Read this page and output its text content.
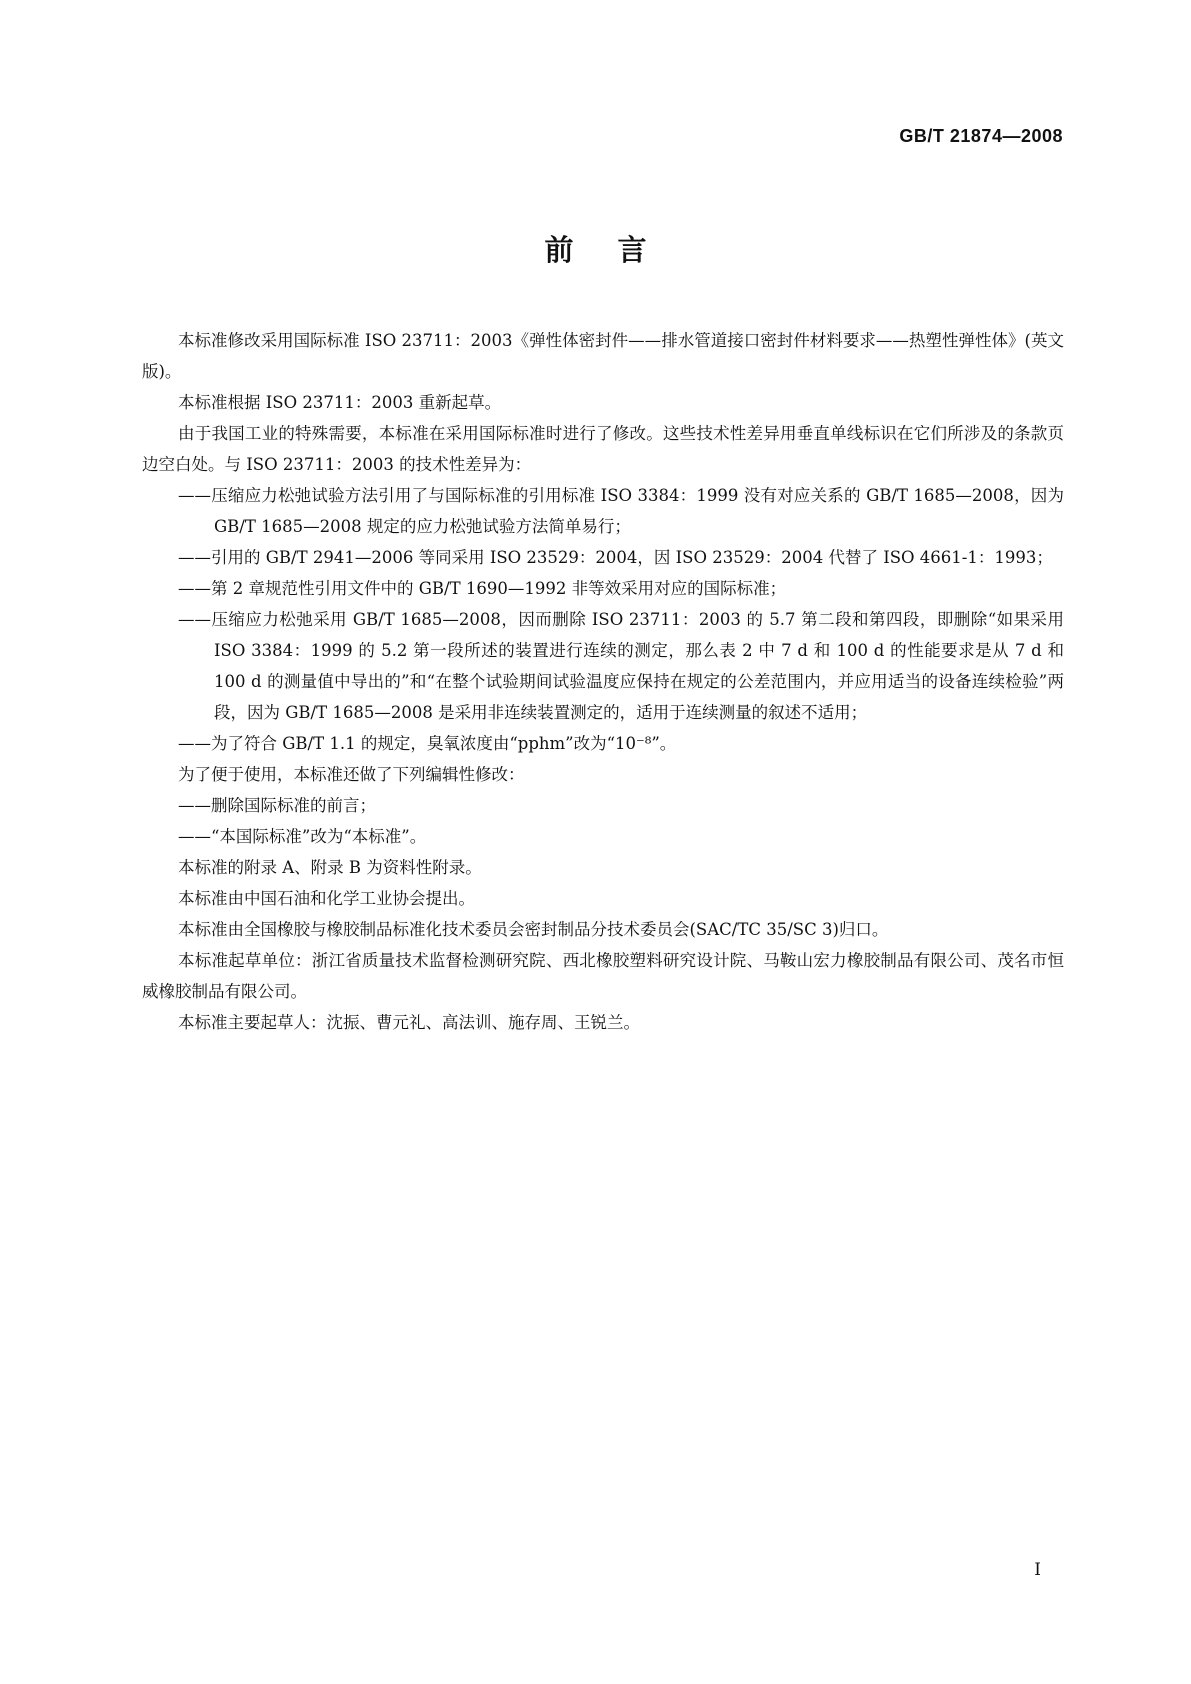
GB/T 21874—2008
前言

本标准修改采用国际标准 ISO 23711：2003《弹性体密封件——排水管道接口密封件材料要求——热塑性弹性体》(英文版)。

本标准根据 ISO 23711：2003 重新起草。

由于我国工业的特殊需要，本标准在采用国际标准时进行了修改。这些技术性差异用垂直单线标识在它们所涉及的条款页边空白处。与 ISO 23711：2003 的技术性差异为：

——压缩应力松弛试验方法引用了与国际标准的引用标准 ISO 3384：1999 没有对应关系的 GB/T 1685—2008，因为 GB/T 1685—2008 规定的应力松弛试验方法简单易行；

——引用的 GB/T 2941—2006 等同采用 ISO 23529：2004，因 ISO 23529：2004 代替了 ISO 4661-1：1993；

——第 2 章规范性引用文件中的 GB/T 1690—1992 非等效采用对应的国际标准；

——压缩应力松弛采用 GB/T 1685—2008，因而删除 ISO 23711：2003 的 5.7 第二段和第四段，即删除“如果采用 ISO 3384：1999 的 5.2 第一段所述的装置进行连续的测定，那么表 2 中 7 d 和 100 d 的性能要求是从 7 d 和 100 d 的测量值中导出的”和“在整个试验期间试验温度应保持在规定的公差范围内，并应用适当的设备连续检验”两段，因为 GB/T 1685—2008 是采用非连续装置测定的，适用于连续测量的叙述不适用；

——为了符合 GB/T 1.1 的规定，臭氧浓度由“pphm”改为“10⁻⁸”。

为了便于使用，本标准还做了下列编辑性修改：

——删除国际标准的前言；

——“本国际标准”改为“本标准”。

本标准的附录 A、附录 B 为资料性附录。

本标准由中国石油和化学工业协会提出。

本标准由全国橡胶与橡胶制品标准化技术委员会密封制品分技术委员会(SAC/TC 35/SC 3)归口。

本标准起草单位：浙江省质量技术监督检测研究院、西北橡胶塑料研究设计院、马鞍山宏力橡胶制品有限公司、茂名市恒威橡胶制品有限公司。

本标准主要起草人：沈振、曹元礼、高法训、施存周、王锐兰。

I
